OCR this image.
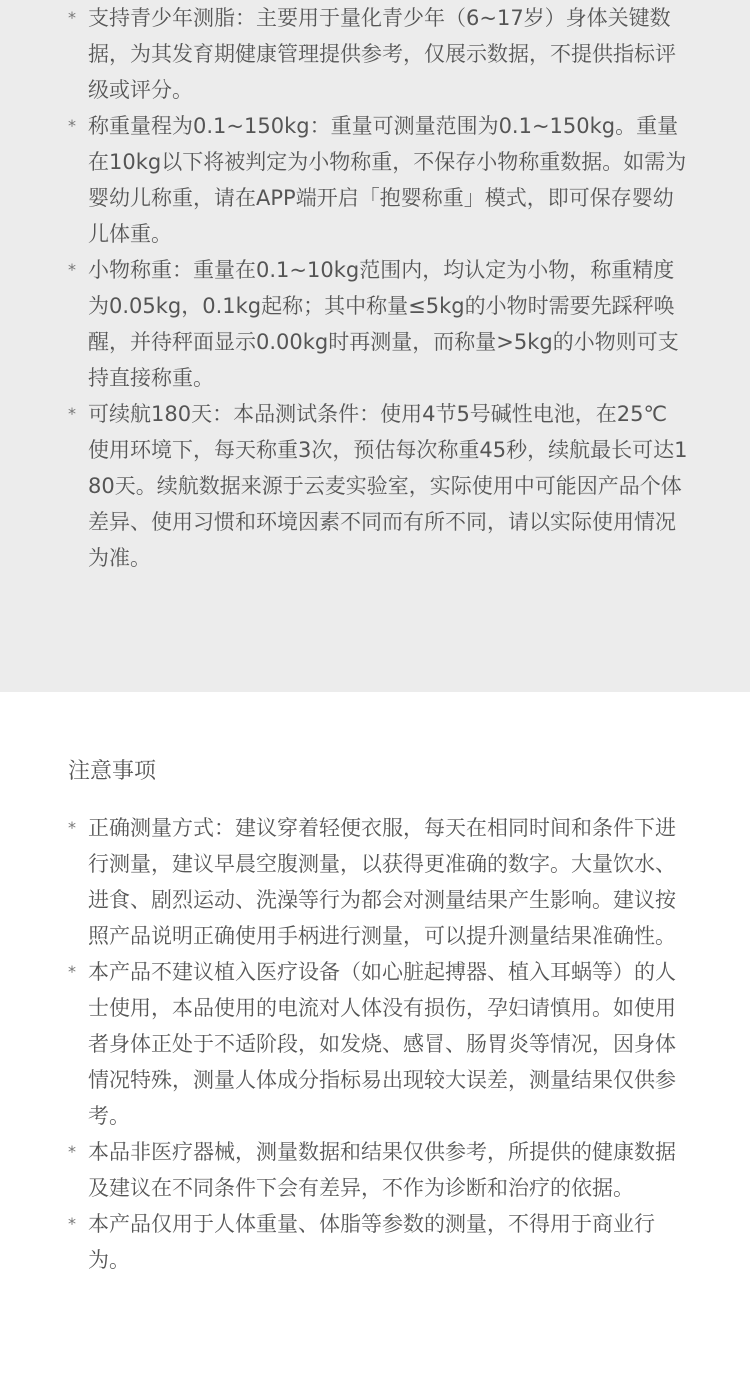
* 支持青少年测脂：主要用于量化青少年（6~17岁）身体关键数据，为其发育期健康管理提供参考，仅展示数据，不提供指标评级或评分。
* 称重量程为0.1~150kg：重量可测量范围为0.1~150kg。重量在10kg以下将被判定为小物称重，不保存小物称重数据。如需为婴幼儿称重，请在APP端开启「抱婴称重」模式，即可保存婴幼儿体重。
* 小物称重：重量在0.1~10kg范围内，均认定为小物，称重精度为0.05kg，0.1kg起称；其中称量≤5kg的小物时需要先踩秤唤醒，并待秤面显示0.00kg时再测量，而称量>5kg的小物则可支持直接称重。
* 可续航180天：本品测试条件：使用4节5号碱性电池，在25℃使用环境下，每天称重3次，预估每次称重45秒，续航最长可达180天。续航数据来源于云麦实验室，实际使用中可能因产品个体差异、使用习惯和环境因素不同而有所不同，请以实际使用情况为准。
注意事项
* 正确测量方式：建议穿着轻便衣服，每天在相同时间和条件下进行测量，建议早晨空腹测量，以获得更准确的数字。大量饮水、进食、剧烈运动、洗澡等行为都会对测量结果产生影响。建议按照产品说明正确使用手柄进行测量，可以提升测量结果准确性。
* 本产品不建议植入医疗设备（如心脏起搏器、植入耳蜗等）的人士使用，本品使用的电流对人体没有损伤，孕妇请慎用。如使用者身体正处于不适阶段，如发烧、感冒、肠胃炎等情况，因身体情况特殊，测量人体成分指标易出现较大误差，测量结果仅供参考。
* 本品非医疗器械，测量数据和结果仅供参考，所提供的健康数据及建议在不同条件下会有差异，不作为诊断和治疗的依据。
* 本产品仅用于人体重量、体脂等参数的测量，不得用于商业行为。
